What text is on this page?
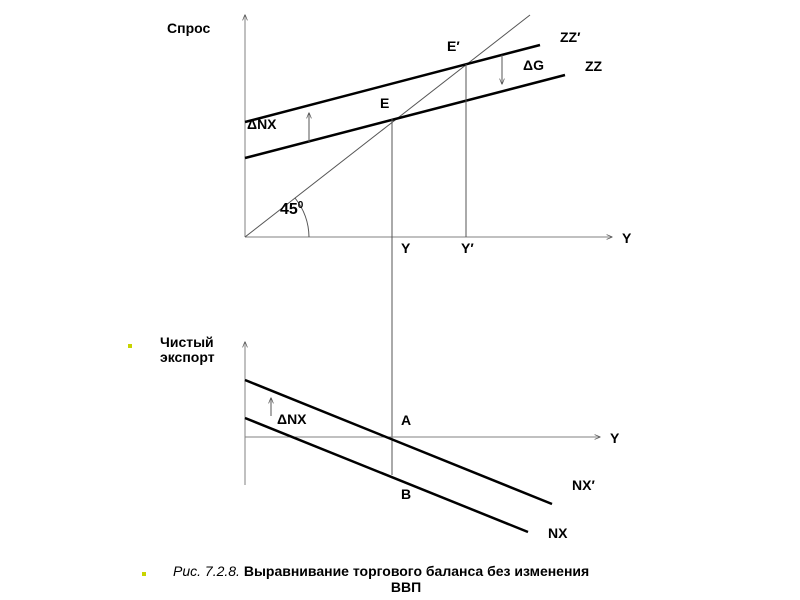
Спрос
Y
$45^0$
ZZ′
ZZ
E′
E
ΔG
ΔNX
Y	Y′
ΔNX	A
B
Y
NX′
NX
Чистый экспорт
Рис. 7.2.8. Выравнивание торгового баланса без изменения
ВВП
